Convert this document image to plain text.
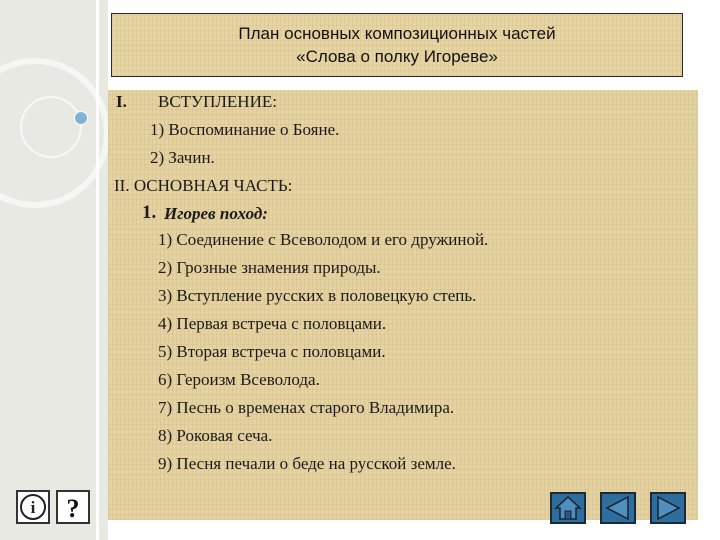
План основных композиционных частей
«Слова о полку Игореве»
I. ВСТУПЛЕНИЕ:
1) Воспоминание о Бояне.
2) Зачин.
II. ОСНОВНАЯ ЧАСТЬ:
1. Игорев поход:
1) Соединение с Всеволодом и его дружиной.
2) Грозные знамения природы.
3) Вступление русских в половецкую степь.
4) Первая встреча с половцами.
5) Вторая встреча с половцами.
6) Героизм Всеволода.
7) Песнь о временах старого Владимира.
8) Роковая сеча.
9) Песня печали о беде на русской земле.
i ?
